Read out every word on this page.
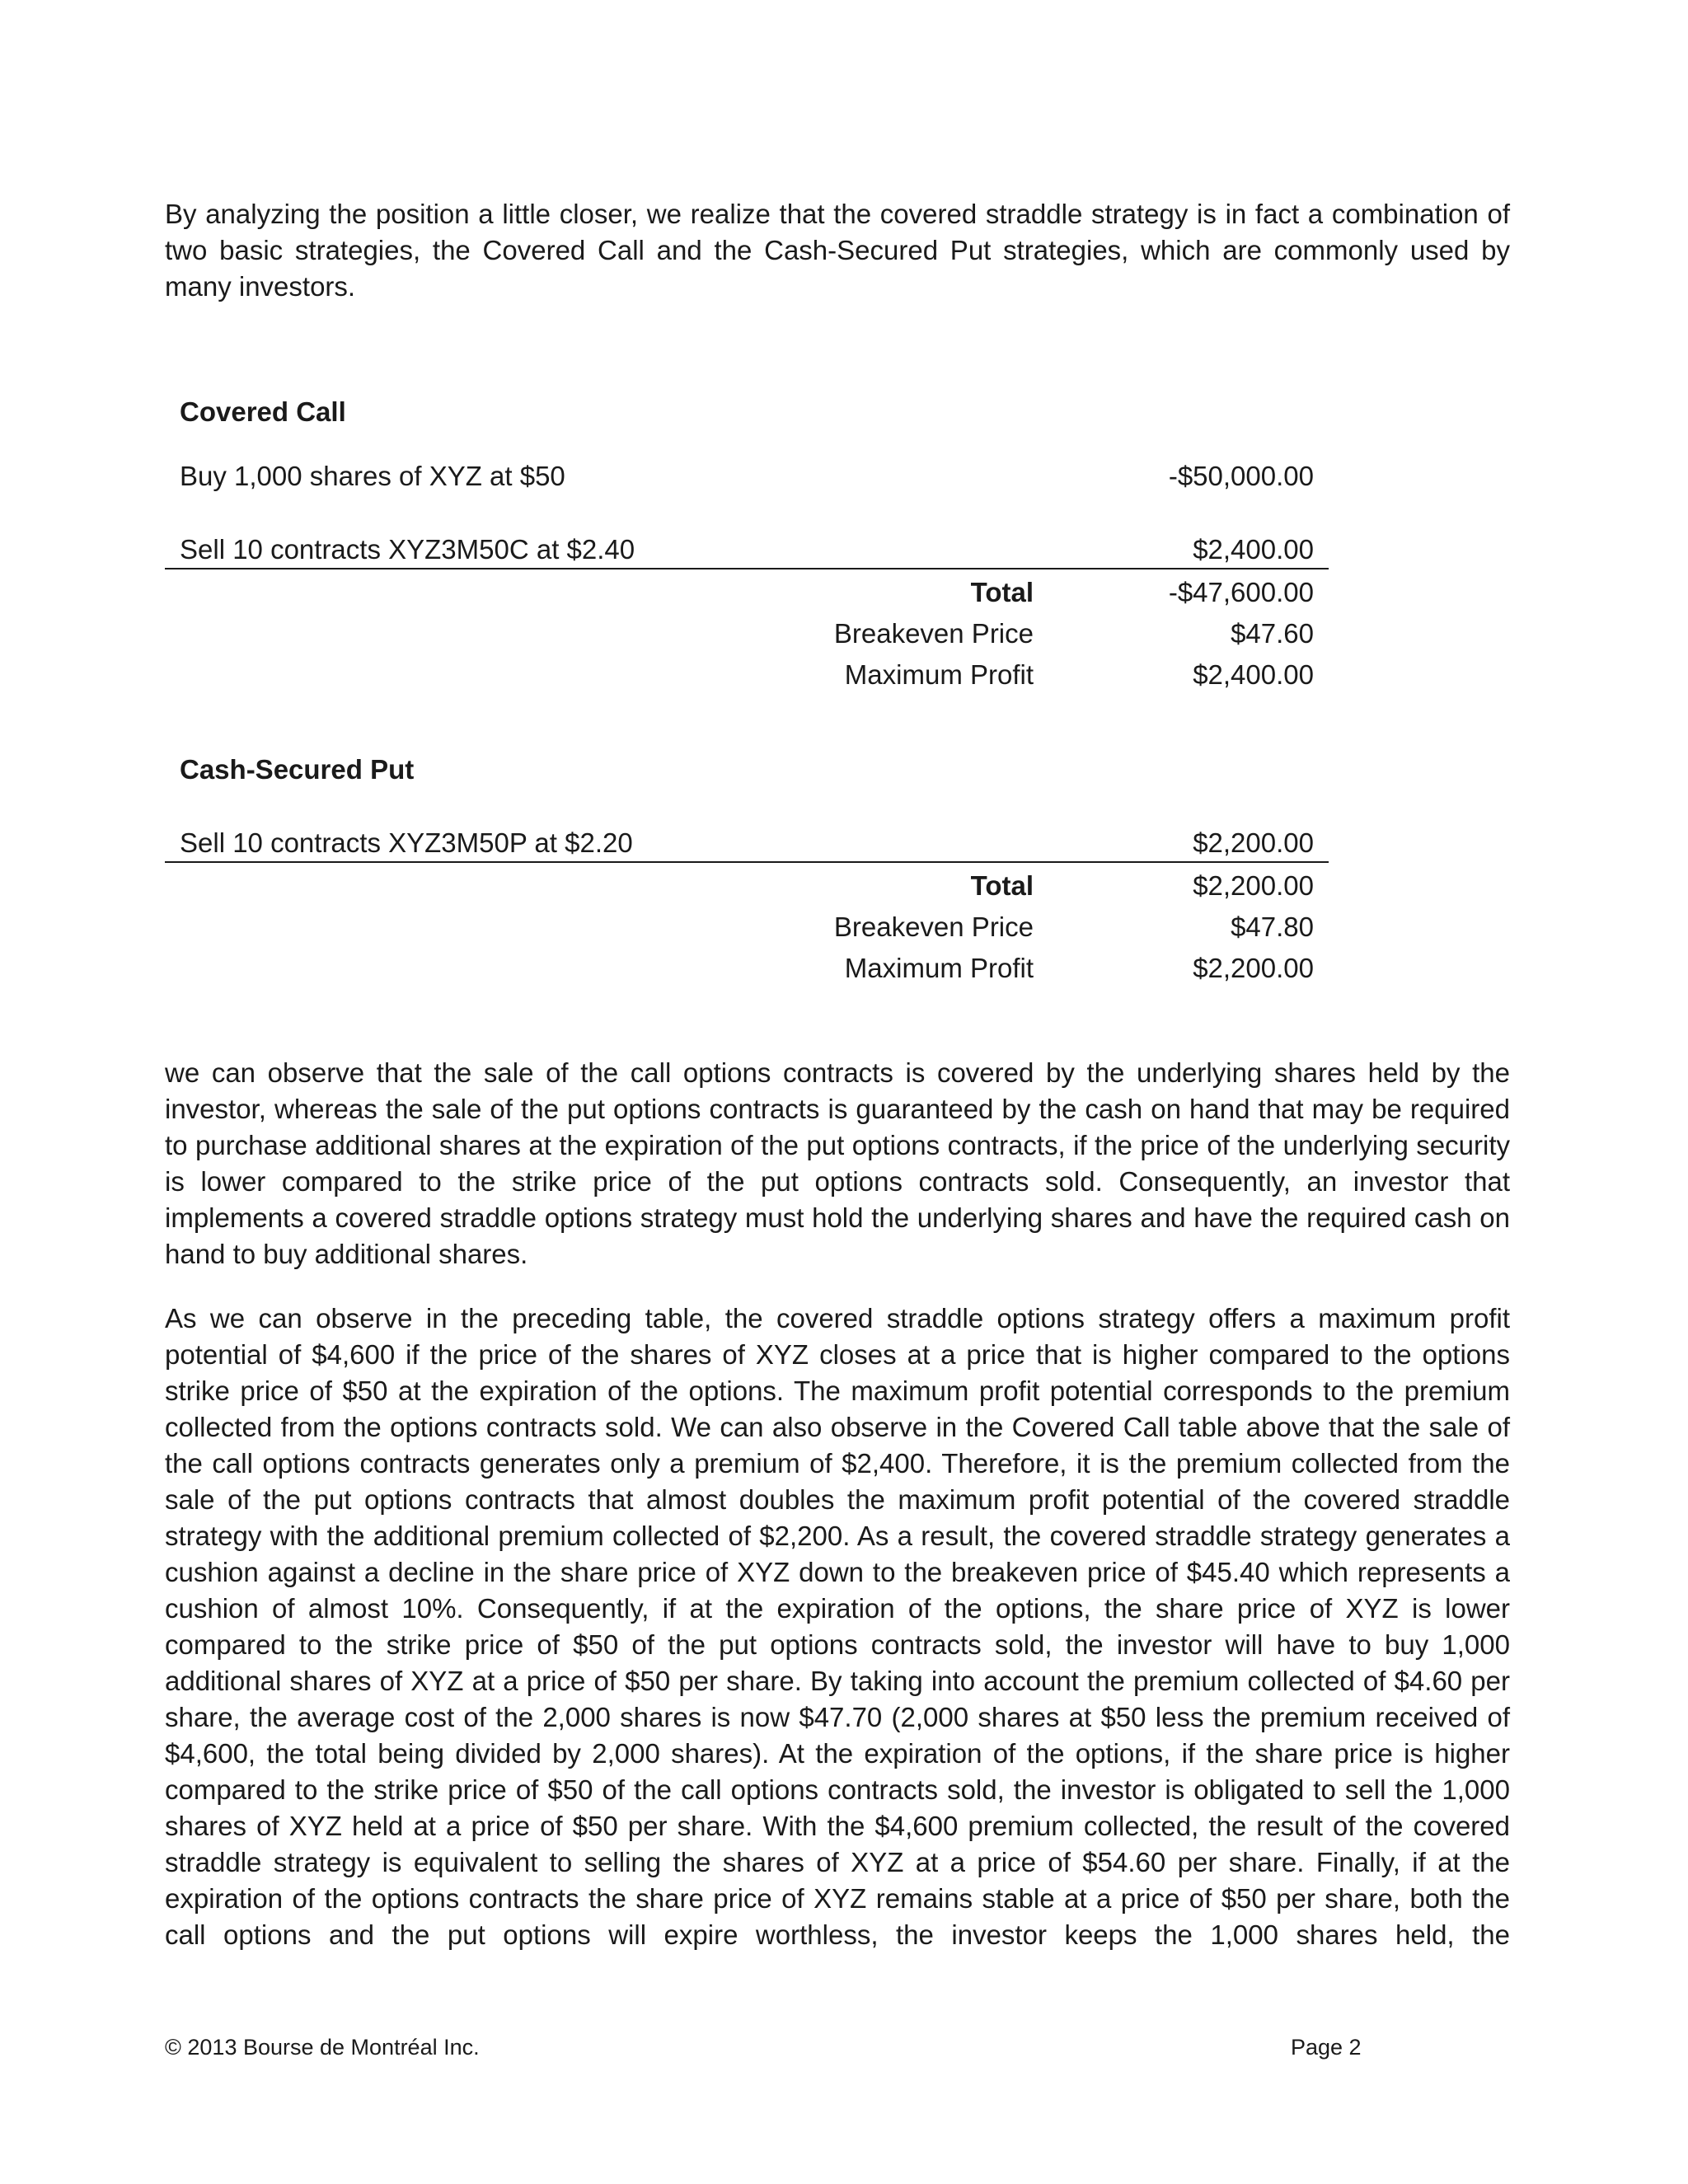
By analyzing the position a little closer, we realize that the covered straddle strategy is in fact a combination of two basic strategies, the Covered Call and the Cash-Secured Put strategies, which are commonly used by many investors.

Covered Call
Buy 1,000 shares of XYZ at $50	-$50,000.00
Sell 10 contracts XYZ3M50C at $2.40	$2,400.00
Total	-$47,600.00
Breakeven Price	$47.60
Maximum Profit	$2,400.00
Cash-Secured Put
Sell 10 contracts XYZ3M50P at $2.20	$2,200.00
Total	$2,200.00
Breakeven Price	$47.80
Maximum Profit	$2,200.00

we can observe that the sale of the call options contracts is covered by the underlying shares held by the investor, whereas the sale of the put options contracts is guaranteed by the cash on hand that may be required to purchase additional shares at the expiration of the put options contracts, if the price of the underlying security is lower compared to the strike price of the put options contracts sold. Consequently, an investor that implements a covered straddle options strategy must hold the underlying shares and have the required cash on hand to buy additional shares.

As we can observe in the preceding table, the covered straddle options strategy offers a maximum profit potential of $4,600 if the price of the shares of XYZ closes at a price that is higher compared to the options strike price of $50 at the expiration of the options. The maximum profit potential corresponds to the premium collected from the options contracts sold. We can also observe in the Covered Call table above that the sale of the call options contracts generates only a premium of $2,400. Therefore, it is the premium collected from the sale of the put options contracts that almost doubles the maximum profit potential of the covered straddle strategy with the additional premium collected of $2,200. As a result, the covered straddle strategy generates a cushion against a decline in the share price of XYZ down to the breakeven price of $45.40 which represents a cushion of almost 10%. Consequently, if at the expiration of the options, the share price of XYZ is lower compared to the strike price of $50 of the put options contracts sold, the investor will have to buy 1,000 additional shares of XYZ at a price of $50 per share. By taking into account the premium collected of $4.60 per share, the average cost of the 2,000 shares is now $47.70 (2,000 shares at $50 less the premium received of $4,600, the total being divided by 2,000 shares). At the expiration of the options, if the share price is higher compared to the strike price of $50 of the call options contracts sold, the investor is obligated to sell the 1,000 shares of XYZ held at a price of $50 per share. With the $4,600 premium collected, the result of the covered straddle strategy is equivalent to selling the shares of XYZ at a price of $54.60 per share. Finally, if at the expiration of the options contracts the share price of XYZ remains stable at a price of $50 per share, both the call options and the put options will expire worthless, the investor keeps the 1,000 shares held, the

© 2013 Bourse de Montréal Inc.	Page 2
